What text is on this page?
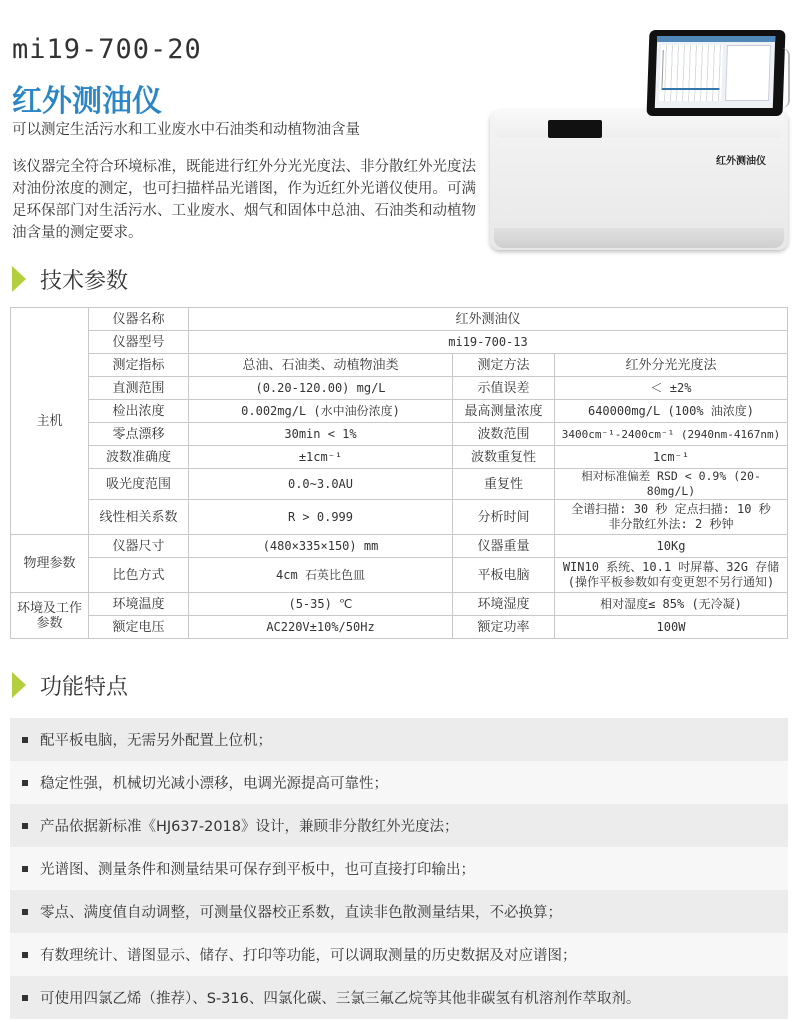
mi19-700-20
红外测油仪
可以测定生活污水和工业废水中石油类和动植物油含量
该仪器完全符合环境标准，既能进行红外分光光度法、非分散红外光度法对油份浓度的测定，也可扫描样品光谱图，作为近红外光谱仪使用。可满足环保部门对生活污水、工业废水、烟气和固体中总油、石油类和动植物油含量的测定要求。
红外测油仪
技术参数
主机	仪器名称	红外测油仪		
	仪器型号	mi19-700-13		
	测定指标	总油、石油类、动植物油类	测定方法	红外分光光度法
	直测范围	(0.20-120.00) mg/L	示值误差	＜ ±2%
	检出浓度	0.002mg/L (水中油份浓度)	最高测量浓度	640000mg/L (100% 油浓度)
	零点漂移	30min < 1%	波数范围	3400cm⁻¹-2400cm⁻¹ (2940nm-4167nm)
	波数准确度	±1cm⁻¹	波数重复性	1cm⁻¹
	吸光度范围	0.0~3.0AU	重复性	相对标准偏差 RSD < 0.9% (20-80mg/L)
	线性相关系数	R > 0.999	分析时间	全谱扫描: 30 秒 定点扫描: 10 秒
非分散红外法: 2 秒钟

物理参数	仪器尺寸	(480×335×150) mm	仪器重量	10Kg
	比色方式	4cm 石英比色皿	平板电脑	WIN10 系统、10.1 吋屏幕、32G 存储
(操作平板参数如有变更恕不另行通知)

环境及工作参数	环境温度	(5-35) ℃	环境湿度	相对湿度≤ 85% (无冷凝)
	额定电压	AC220V±10%/50Hz	额定功率	100W
功能特点
配平板电脑，无需另外配置上位机；
稳定性强，机械切光减小漂移，电调光源提高可靠性；
产品依据新标准《HJ637-2018》设计，兼顾非分散红外光度法；
光谱图、测量条件和测量结果可保存到平板中，也可直接打印输出；
零点、满度值自动调整，可测量仪器校正系数，直读非色散测量结果，不必换算；
有数理统计、谱图显示、储存、打印等功能，可以调取测量的历史数据及对应谱图；
可使用四氯乙烯（推荐）、S-316、四氯化碳、三氯三氟乙烷等其他非碳氢有机溶剂作萃取剂。
